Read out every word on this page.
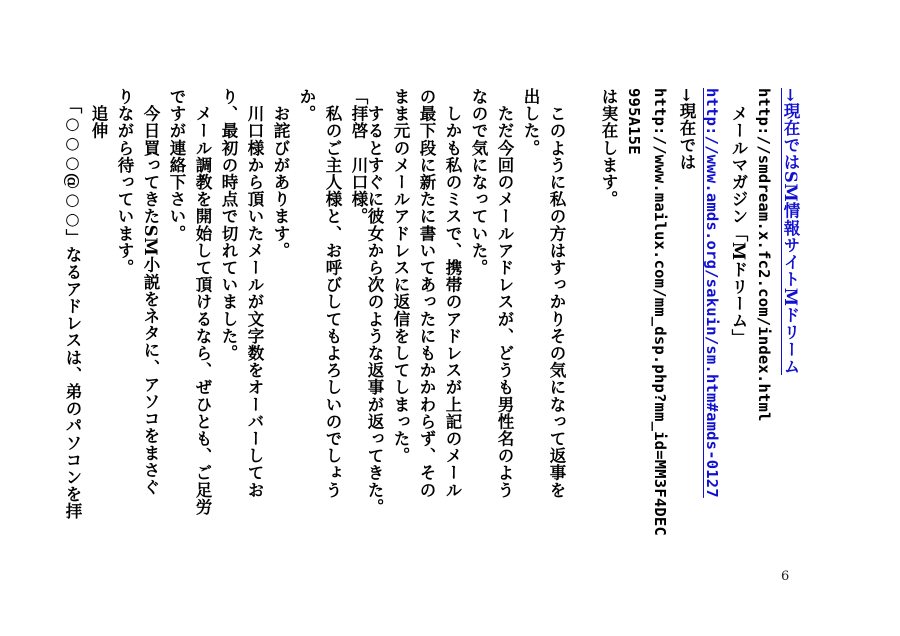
→現在ではSM情報サイトMドリーム
http://smdream.x.fc2.com/index.html
　メールマガジン「Mドリーム」
http://www.amds.org/sakuin/sm.htm#amds-0127
→現在では
http://www.mailux.com/mm_dsp.php?mm_id=MM3F4DEC
995A15E
は実在します。
　このように私の方はすっかりその気になって返事を
出した。
　ただ今回のメールアドレスが、どうも男性名のよう
なので気になっていた。
　しかも私のミスで、携帯のアドレスが上記のメール
の最下段に新たに書いてあったにもかかわらず、その
まま元のメールアドレスに返信をしてしまった。
　するとすぐに彼女から次のような返事が返ってきた。
「拝啓　川口様。
　私のご主人様と、お呼びしてもよろしいのでしょう
か。
　お詫びがあります。
　川口様から頂いたメールが文字数をオーバーしてお
り、最初の時点で切れていました。
　メール調教を開始して頂けるなら、ぜひとも、ご足労
ですが連絡下さい。
　今日買ってきたSM小説をネタに、アソコをまさぐ
りながら待っています。
　追伸
　「○○○@○○」なるアドレスは、弟のパソコンを拝
6
